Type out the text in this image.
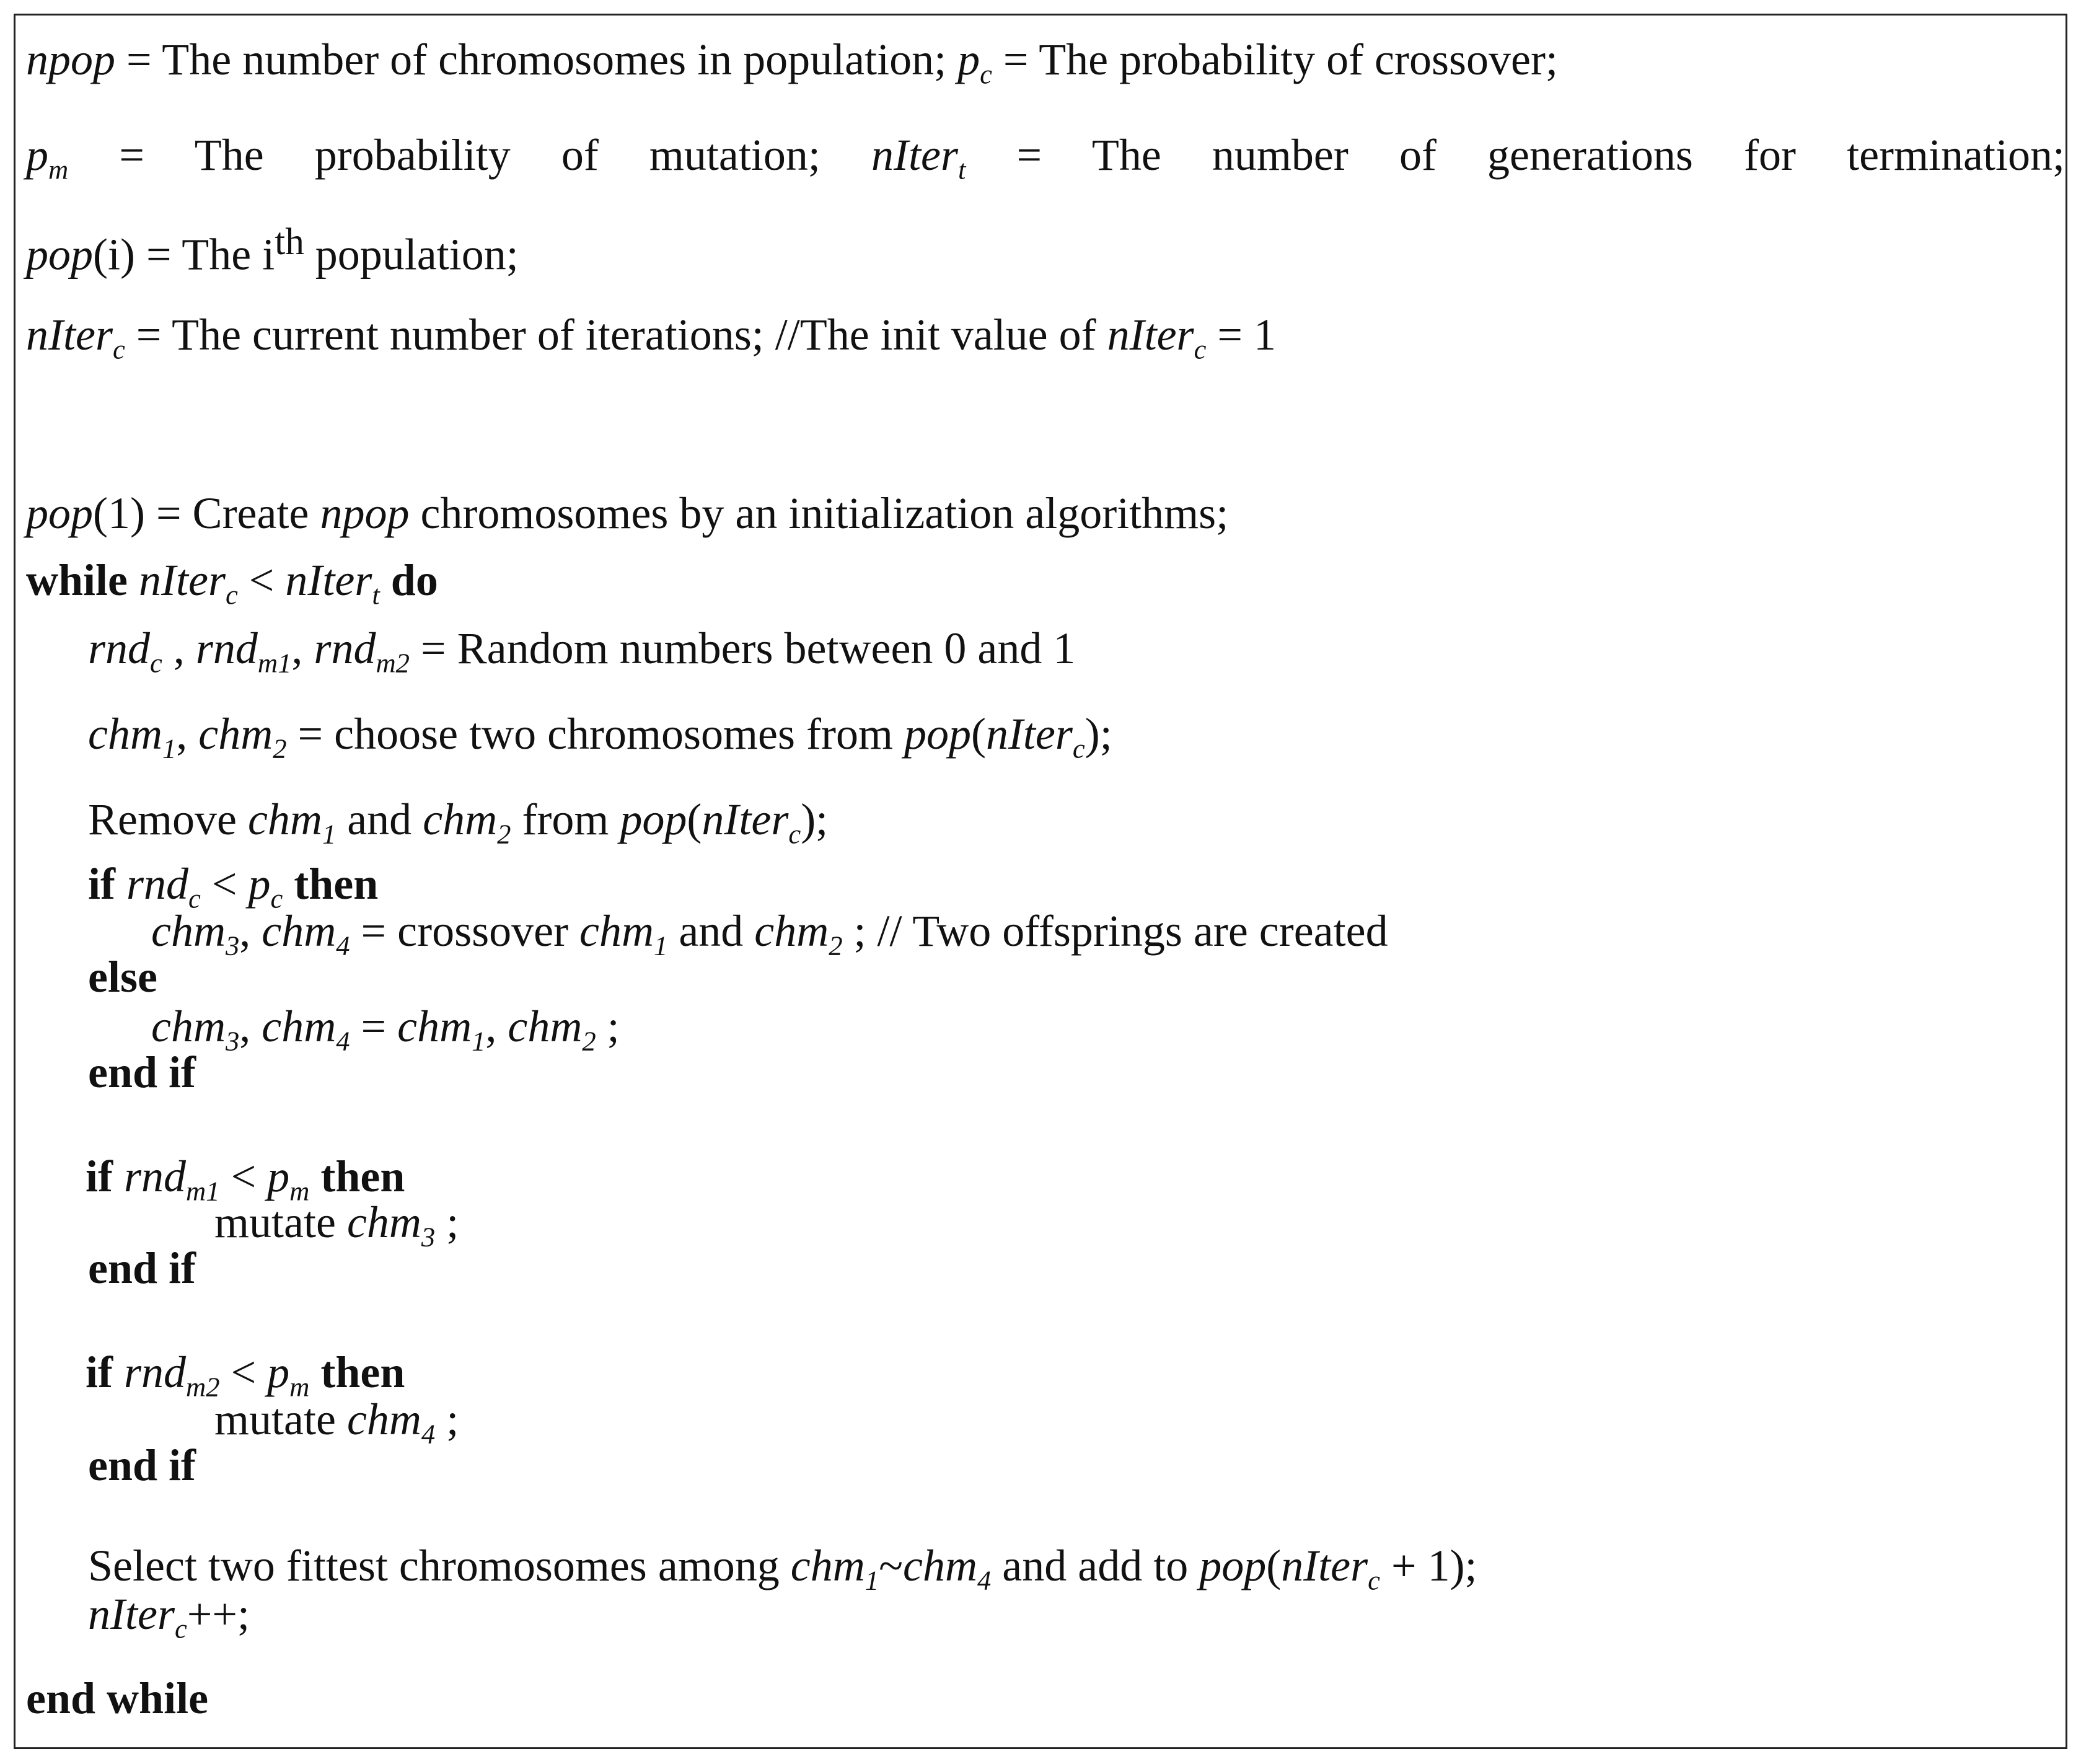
npop = The number of chromosomes in population; $p_c$ = The probability of crossover;
$p_m$ = The probability of mutation; nIter$_t$ = The number of generations for termination;
pop(i) = The ith population;
nIter$_c$ = The current number of iterations; //The init value of nIter$_c$ = 1
pop(1) = Create npop chromosomes by an initialization algorithms;
while nIter$_c$ < nIter$_t$ do
rnd$_c$ , rnd$_{m1}$, rnd$_{m2}$ = Random numbers between 0 and 1
chm$_1$, chm$_2$ = choose two chromosomes from pop(nIter$_c$);
Remove chm$_1$ and chm$_2$ from pop(nIter$_c$);
if $rnd_c < p_c$ then
chm$_3$, chm$_4$ = crossover chm$_1$ and chm$_2$ ; // Two offsprings are created
else
chm$_3$, chm$_4$ = chm$_1$, chm$_2$ ;
end if
if $rnd_{m1} < p_m$ then
mutate chm$_3$ ;
end if
if $rnd_{m2} < p_m$ then
mutate chm$_4$ ;
end if
Select two fittest chromosomes among chm$_1$~chm$_4$ and add to pop(nIter$_c$ + 1);
nIter$_c$++;
end while
